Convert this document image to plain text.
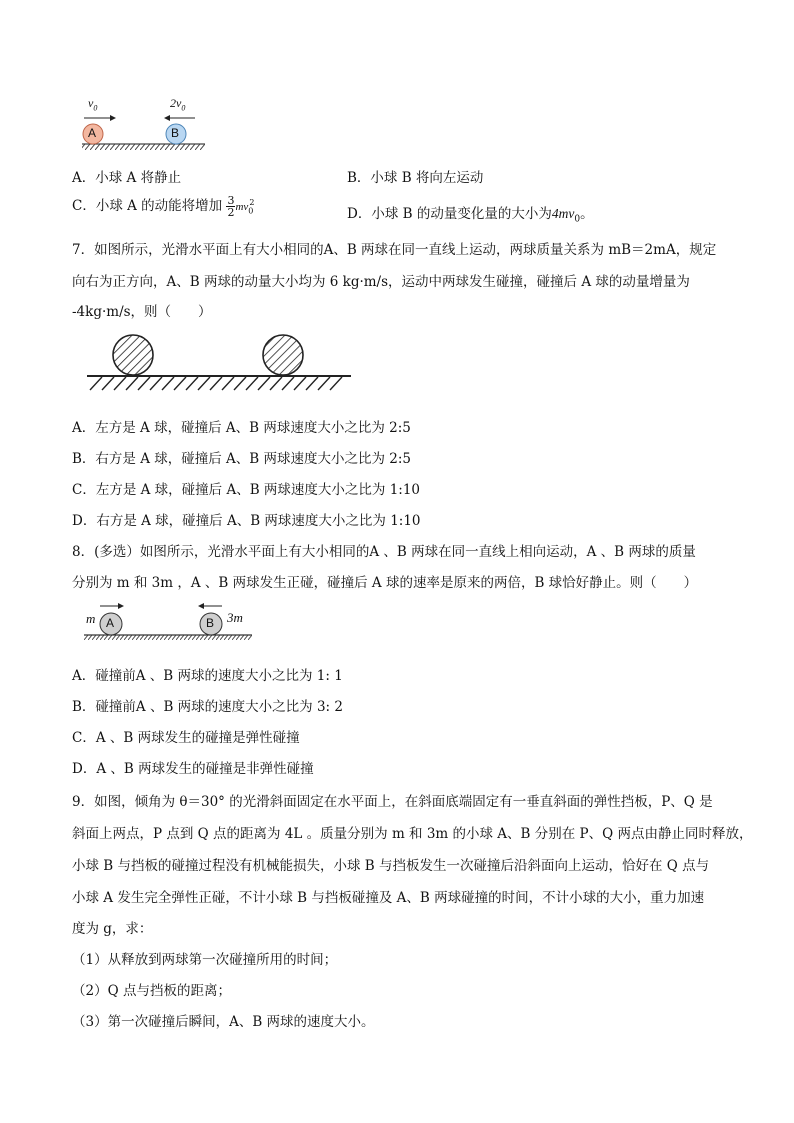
$v_0$	$2v_0$
A	B
A．小球 A 将静止	B．小球 B 将向左运动
C．小球 A 的动能将增加 $\frac{3}{2} mv_0^2$
D．小球 B 的动量变化量的大小为$4mv_0$。
7．如图所示，光滑水平面上有大小相同的A、B 两球在同一直线上运动，两球质量关系为 mB＝2mA，规定
向右为正方向，A、B 两球的动量大小均为 6 kg·m/s，运动中两球发生碰撞，碰撞后 A 球的动量增量为
-4kg·m/s，则（　　）
A．左方是 A 球，碰撞后 A、B 两球速度大小之比为 2:5
B．右方是 A 球，碰撞后 A、B 两球速度大小之比为 2:5
C．左方是 A 球，碰撞后 A、B 两球速度大小之比为 1:10
D．右方是 A 球，碰撞后 A、B 两球速度大小之比为 1:10
8．(多选）如图所示，光滑水平面上有大小相同的A 、B 两球在同一直线上相向运动，A 、B 两球的质量
分别为 m 和 3m ，A 、B 两球发生正碰，碰撞后 A 球的速率是原来的两倍，B 球恰好静止。则（　　）
m	3m
A	B
A．碰撞前A 、B 两球的速度大小之比为 1: 1
B．碰撞前A 、B 两球的速度大小之比为 3: 2
C．A 、B 两球发生的碰撞是弹性碰撞
D．A 、B 两球发生的碰撞是非弹性碰撞
9．如图，倾角为 θ＝30° 的光滑斜面固定在水平面上，在斜面底端固定有一垂直斜面的弹性挡板，P、Q 是
斜面上两点，P 点到 Q 点的距离为 4L 。质量分别为 m 和 3m 的小球 A、B 分别在 P、Q 两点由静止同时释放，
小球 B 与挡板的碰撞过程没有机械能损失，小球 B 与挡板发生一次碰撞后沿斜面向上运动，恰好在 Q 点与
小球 A 发生完全弹性正碰，不计小球 B 与挡板碰撞及 A、B 两球碰撞的时间，不计小球的大小，重力加速
度为 g，求：
（1）从释放到两球第一次碰撞所用的时间；
（2）Q 点与挡板的距离；
（3）第一次碰撞后瞬间，A、B 两球的速度大小。
